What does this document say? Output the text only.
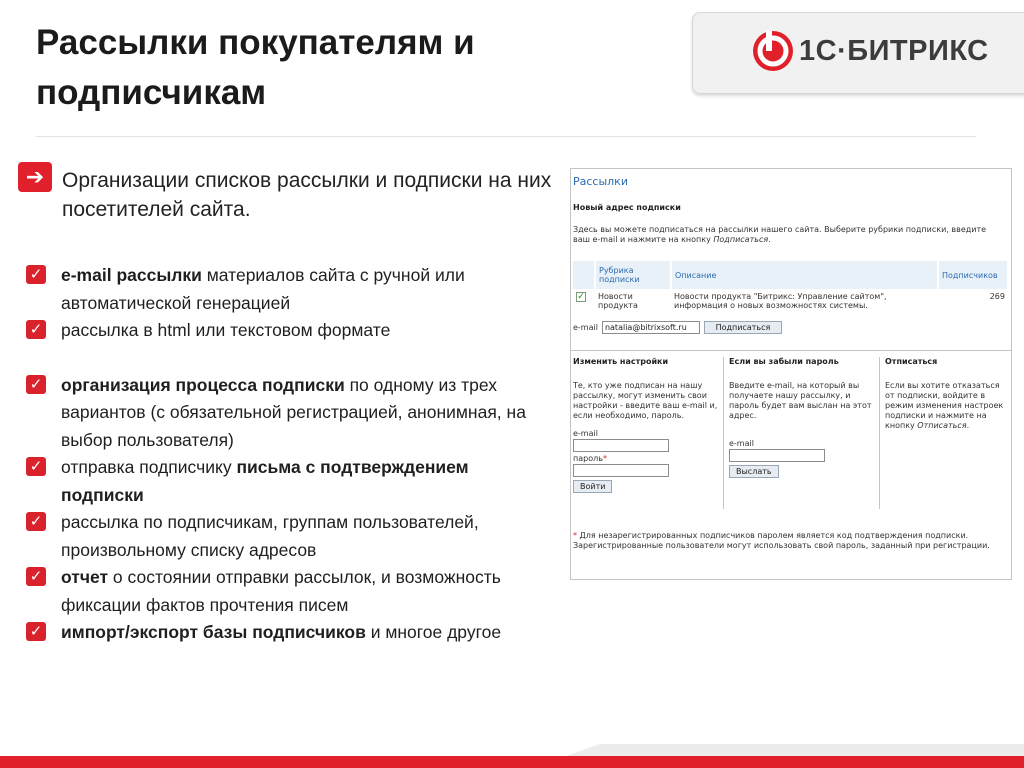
Рассылки покупателям и
подписчикам
1С·БИТРИКС
➔ Организации списков рассылки и подписки на них посетителей сайта.
✓ e-mail рассылки материалов сайта с ручной или автоматической генерацией
✓ рассылка в html или текстовом формате
✓ организация процесса подписки по одному из трех вариантов (с обязательной регистрацией, анонимная, на выбор пользователя)
✓ отправка подписчику письма с подтверждением подписки
✓ рассылка по подписчикам, группам пользователей, произвольному списку адресов
✓ отчет о состоянии отправки рассылок, и возможность фиксации фактов прочтения писем
✓ импорт/экспорт базы подписчиков и многое другое
Рассылки
Новый адрес подписки
Здесь вы можете подписаться на рассылки нашего сайта. Выберите рубрики подписки, введите ваш e-mail и нажмите на кнопку Подписаться.
	Рубрика подписки	Описание	Подписчиков
✓	Новости продукта	Новости продукта "Битрикс: Управление сайтом", информация о новых возможностях системы.	269
e-mail natalia@bitrixsoft.ru	Подписаться
Изменить настройки
Те, кто уже подписан на нашу рассылку, могут изменить свои настройки - введите ваш e-mail и, если необходимо, пароль.
e-mail
пароль*
Войти
Если вы забыли пароль
Введите e-mail, на который вы получаете нашу рассылку, и пароль будет вам выслан на этот адрес.
e-mail
Выслать
Отписаться
Если вы хотите отказаться от подписки, войдите в режим изменения настроек подписки и нажмите на кнопку Отписаться.
* Для незарегистрированных подписчиков паролем является код подтверждения подписки. Зарегистрированные пользователи могут использовать свой пароль, заданный при регистрации.
